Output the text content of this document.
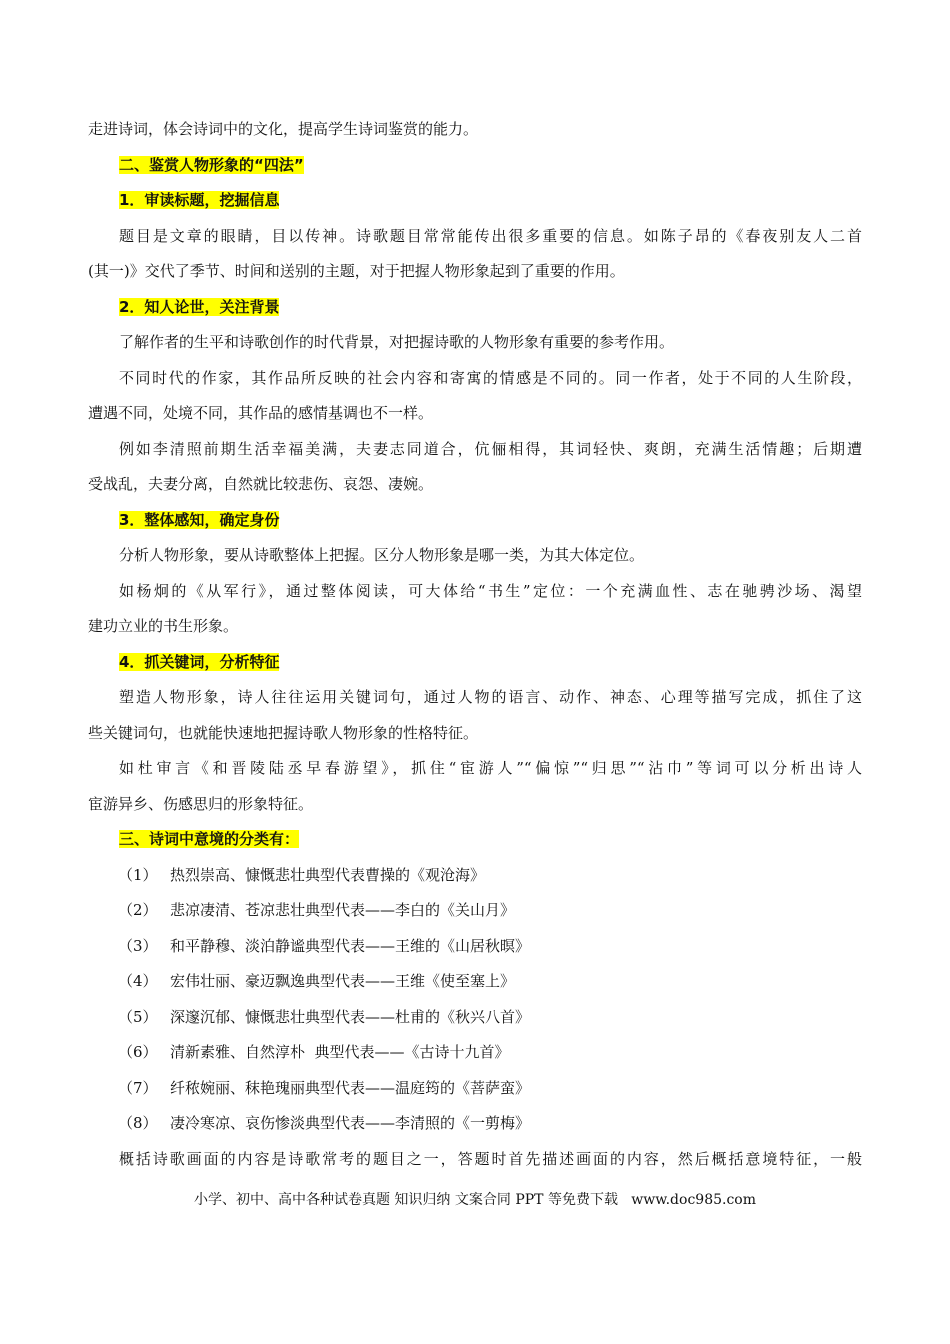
走进诗词，体会诗词中的文化，提高学生诗词鉴赏的能力。

二、鉴赏人物形象的“四法”

1．审读标题，挖掘信息

题目是文章的眼睛，目以传神。诗歌题目常常能传出很多重要的信息。如陈子昂的《春夜别友人二首

(其一)》交代了季节、时间和送别的主题，对于把握人物形象起到了重要的作用。

2．知人论世，关注背景

了解作者的生平和诗歌创作的时代背景，对把握诗歌的人物形象有重要的参考作用。

不同时代的作家，其作品所反映的社会内容和寄寓的情感是不同的。同一作者，处于不同的人生阶段，

遭遇不同，处境不同，其作品的感情基调也不一样。

例如李清照前期生活幸福美满，夫妻志同道合，伉俪相得，其词轻快、爽朗，充满生活情趣；后期遭

受战乱，夫妻分离，自然就比较悲伤、哀怨、凄婉。

3．整体感知，确定身份

分析人物形象，要从诗歌整体上把握。区分人物形象是哪一类，为其大体定位。

如杨炯的《从军行》，通过整体阅读，可大体给“书生”定位：一个充满血性、志在驰骋沙场、渴望

建功立业的书生形象。

4．抓关键词，分析特征

塑造人物形象，诗人往往运用关键词句，通过人物的语言、动作、神态、心理等描写完成，抓住了这

些关键词句，也就能快速地把握诗歌人物形象的性格特征。

如杜审言《和晋陵陆丞早春游望》，抓住“宦游人”“偏惊”“归思”“沾巾”等词可以分析出诗人

宦游异乡、伤感思归的形象特征。

三、诗词中意境的分类有：

（1） 热烈崇高、慷慨悲壮典型代表曹操的《观沧海》

（2） 悲凉凄清、苍凉悲壮典型代表——李白的《关山月》

（3） 和平静穆、淡泊静谧典型代表——王维的《山居秋暝》

（4） 宏伟壮丽、豪迈飘逸典型代表——王维《使至塞上》

（5） 深邃沉郁、慷慨悲壮典型代表——杜甫的《秋兴八首》

（6） 清新素雅、自然淳朴  典型代表——《古诗十九首》

（7） 纤秾婉丽、秣艳瑰丽典型代表——温庭筠的《菩萨蛮》

（8） 凄冷寒凉、哀伤惨淡典型代表——李清照的《一剪梅》

概括诗歌画面的内容是诗歌常考的题目之一，答题时首先描述画面的内容，然后概括意境特征，一般

小学、初中、高中各种试卷真题 知识归纳 文案合同 PPT 等免费下载   www.doc985.com
